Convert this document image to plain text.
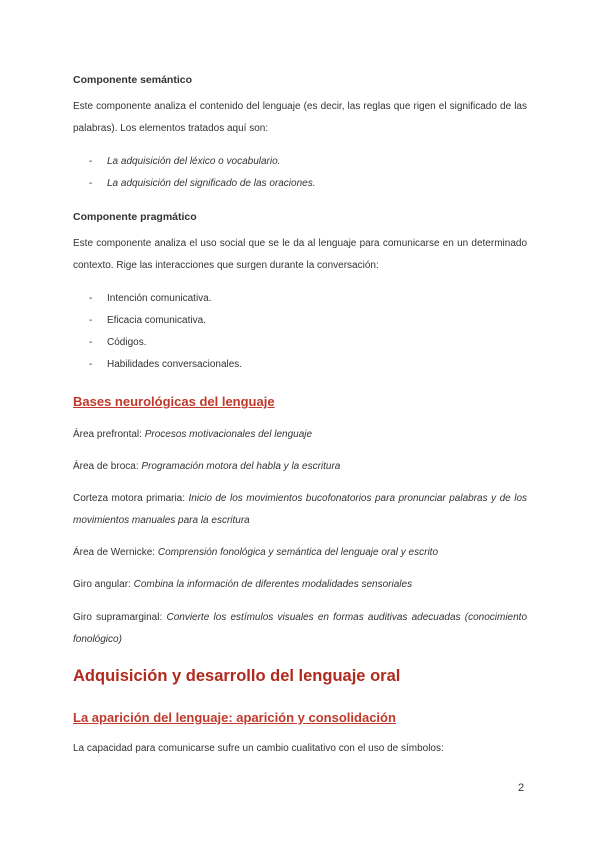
Componente semántico

Este componente analiza el contenido del lenguaje (es decir, las reglas que rigen el significado de las

palabras). Los elementos tratados aquí son:

- La adquisición del léxico o vocabulario.
- La adquisición del significado de las oraciones.

Componente pragmático

Este componente analiza el uso social que se le da al lenguaje para comunicarse en un determinado

contexto. Rige las interacciones que surgen durante la conversación:

- Intención comunicativa.
- Eficacia comunicativa.
- Códigos.
- Habilidades conversacionales.

Bases neurológicas del lenguaje

Área prefrontal: Procesos motivacionales del lenguaje

Área de broca: Programación motora del habla y la escritura

Corteza motora primaria: Inicio de los movimientos bucofonatorios para pronunciar palabras y de los

movimientos manuales para la escritura

Área de Wernicke: Comprensión fonológica y semántica del lenguaje oral y escrito

Giro angular: Combina la información de diferentes modalidades sensoriales

Giro supramarginal: Convierte los estímulos visuales en formas auditivas adecuadas (conocimiento

fonológico)

Adquisición y desarrollo del lenguaje oral

La aparición del lenguaje: aparición y consolidación

La capacidad para comunicarse sufre un cambio cualitativo con el uso de símbolos:

2
